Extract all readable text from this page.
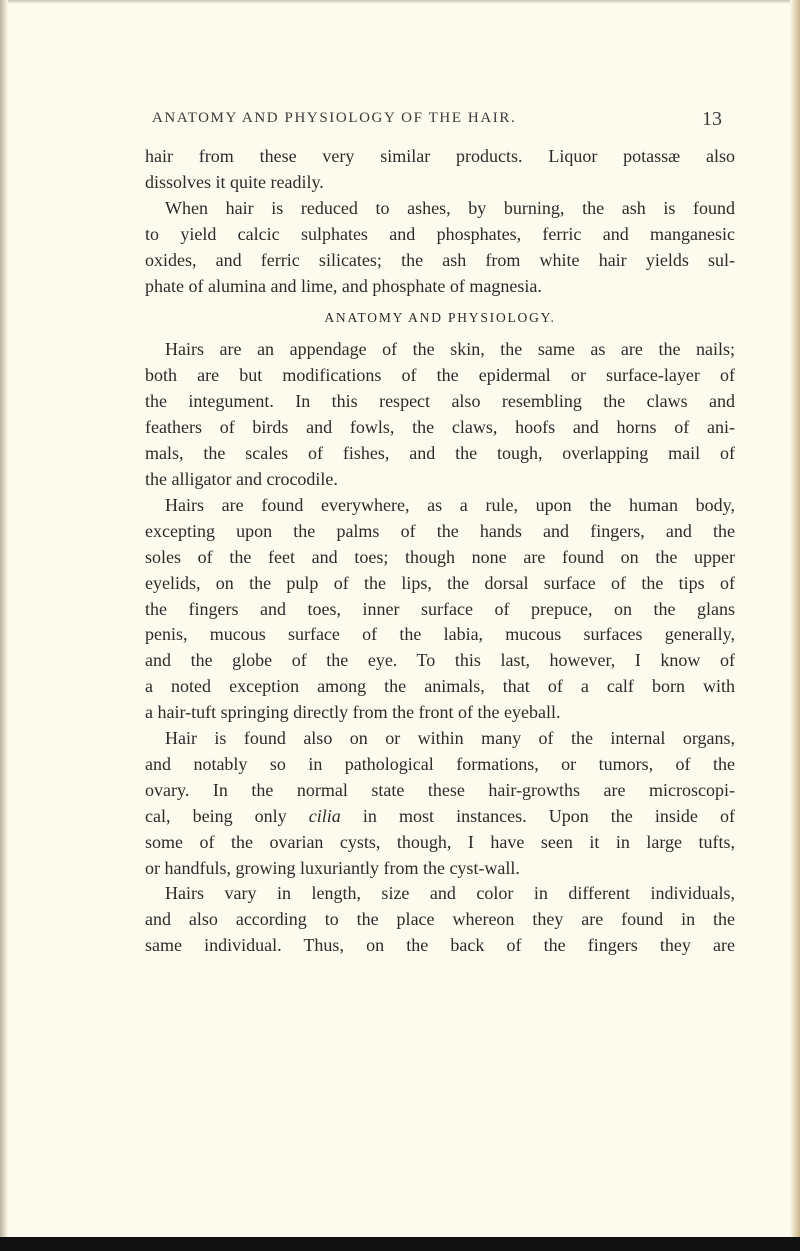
ANATOMY AND PHYSIOLOGY OF THE HAIR.	13

hair from these very similar products. Liquor potassæ also
dissolves it quite readily.

When hair is reduced to ashes, by burning, the ash is found
to yield calcic sulphates and phosphates, ferric and manganesic
oxides, and ferric silicates; the ash from white hair yields sul-
phate of alumina and lime, and phosphate of magnesia.

ANATOMY AND PHYSIOLOGY.

Hairs are an appendage of the skin, the same as are the nails;
both are but modifications of the epidermal or surface-layer of
the integument. In this respect also resembling the claws and
feathers of birds and fowls, the claws, hoofs and horns of ani-
mals, the scales of fishes, and the tough, overlapping mail of
the alligator and crocodile.

Hairs are found everywhere, as a rule, upon the human body,
excepting upon the palms of the hands and fingers, and the
soles of the feet and toes; though none are found on the upper
eyelids, on the pulp of the lips, the dorsal surface of the tips of
the fingers and toes, inner surface of prepuce, on the glans
penis, mucous surface of the labia, mucous surfaces generally,
and the globe of the eye. To this last, however, I know of
a noted exception among the animals, that of a calf born with
a hair-tuft springing directly from the front of the eyeball.

Hair is found also on or within many of the internal organs,
and notably so in pathological formations, or tumors, of the
ovary. In the normal state these hair-growths are microscopi-
cal, being only cilia in most instances. Upon the inside of
some of the ovarian cysts, though, I have seen it in large tufts,
or handfuls, growing luxuriantly from the cyst-wall.

Hairs vary in length, size and color in different individuals,
and also according to the place whereon they are found in the
same individual. Thus, on the back of the fingers they are
